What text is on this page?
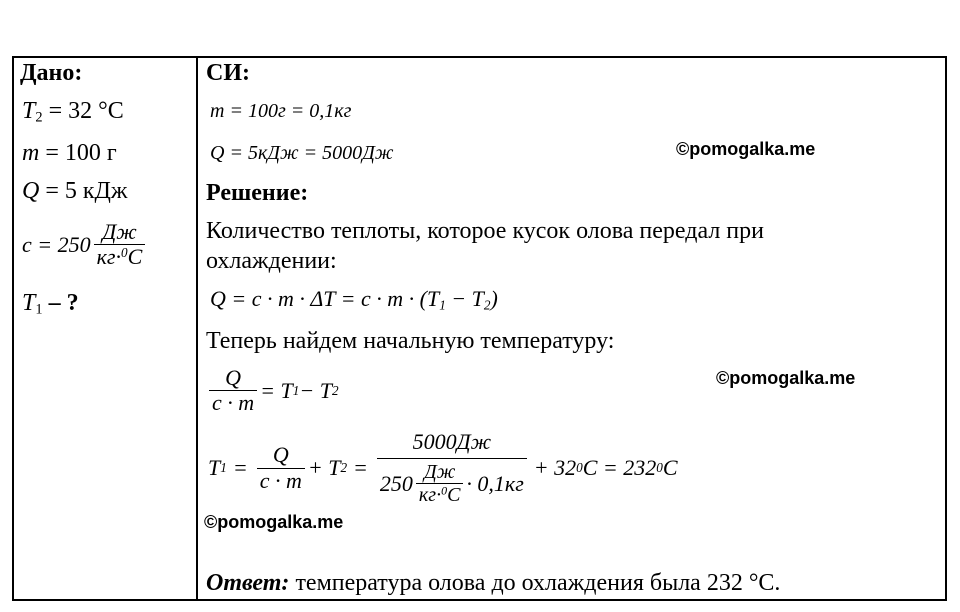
Дано:
$T_2 = 32$ °C
m = 100 г
Q = 5 кДж
$c = 250 \frac{Дж}{кг\cdot^0C}$
$T_1$ – ?
СИ:
m = 100г = 0,1кг
Q = 5кДж = 5000Дж	©pomogalka.me
Решение:
Количество теплоты, которое кусок олова передал при
охлаждении:
$Q = c \cdot m \cdot \Delta T = c \cdot m \cdot (T_1 - T_2)$
Теперь найдем начальную температуру:
$\frac{Q}{c \cdot m} = T$ 1 − T 2
©pomogalka.me
T $1 = \frac{Q}{c \cdot m} + T$ $2 = \frac{5000Дж}{250 \frac{Дж}{кг\cdot^0C} \cdot 0,1кг} + 32$ 0 C = 232 0 C
©pomogalka.me
Ответ: температура олова до охлаждения была 232 °C.
